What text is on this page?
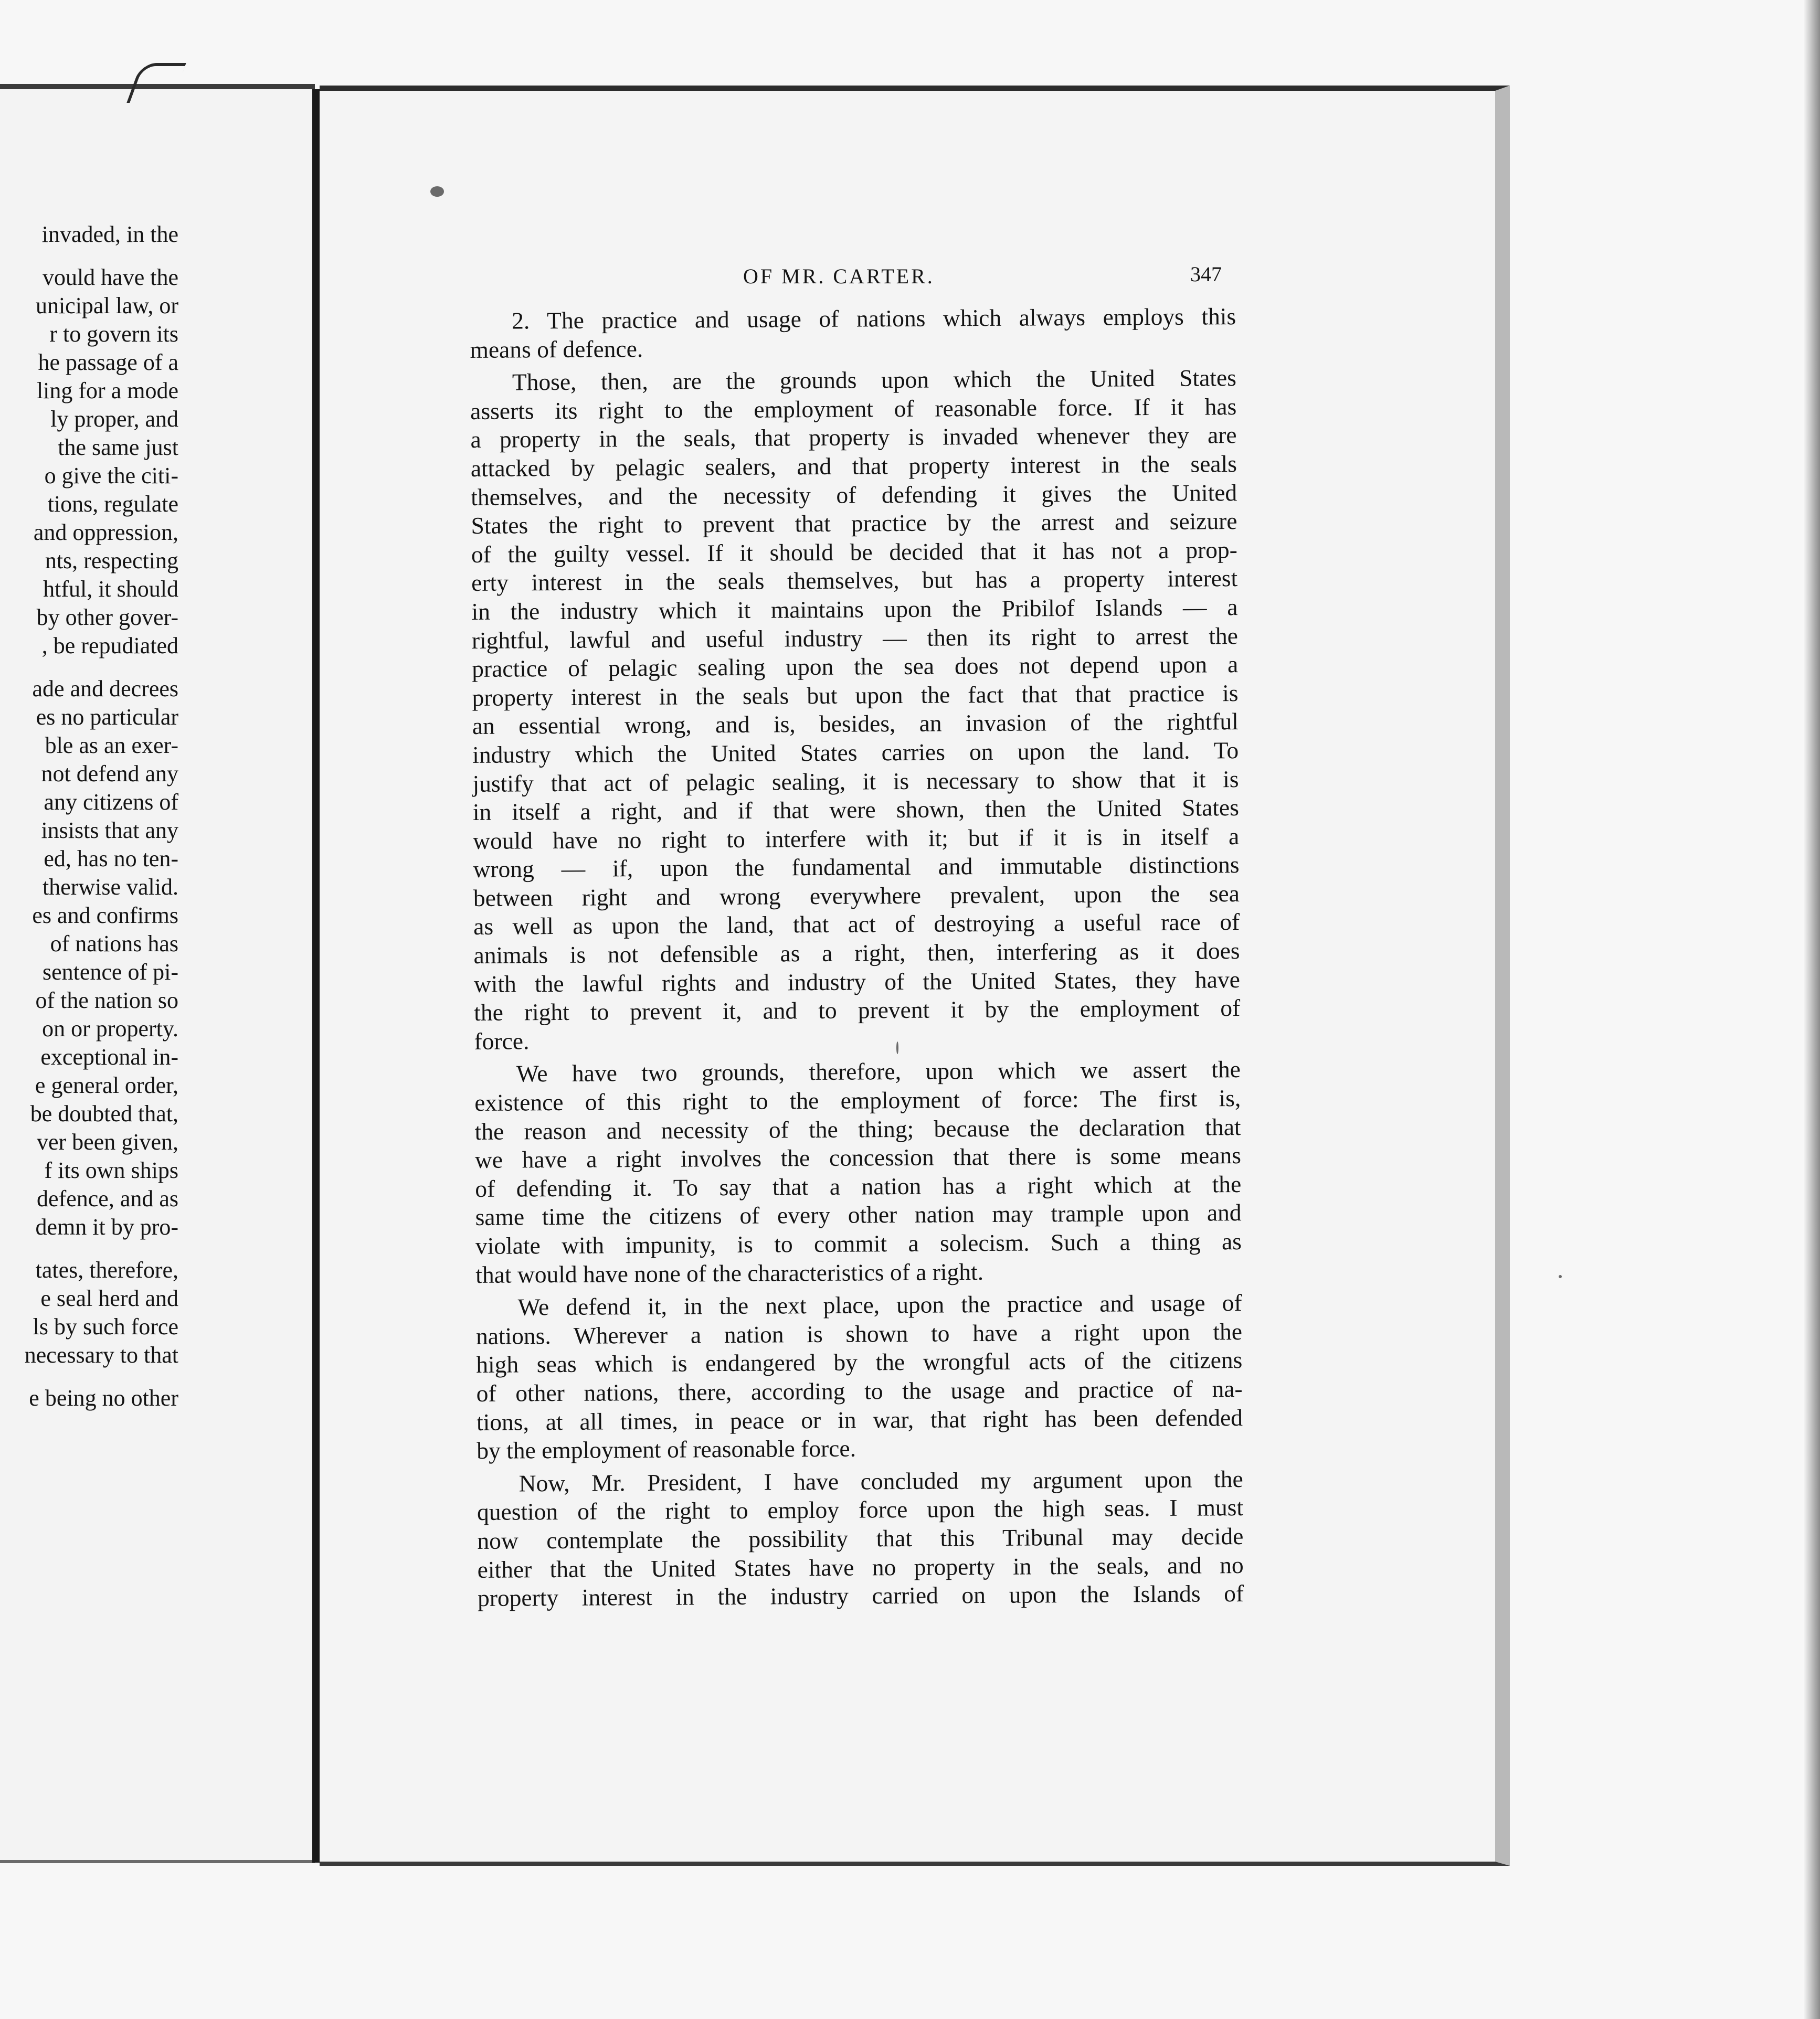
invaded, in the
vould have the
unicipal law, or
r to govern its
he passage of a
ling for a mode
ly proper, and
the same just
o give the citi-
tions, regulate
and oppression,
nts, respecting
htful, it should
by other gover-
, be repudiated
ade and decrees
es no particular
ble as an exer-
not defend any
any citizens of
insists that any
ed, has no ten-
therwise valid.
es and confirms
of nations has
sentence of pi-
of the nation so
on or property.
exceptional in-
e general order,
be doubted that,
ver been given,
f its own ships
defence, and as
demn it by pro-
tates, therefore,
e seal herd and
ls by such force
necessary to that
e being no other
OF MR. CARTER.	347
2. The practice and usage of nations which always employs this
means of defence.
Those, then, are the grounds upon which the United States
asserts its right to the employment of reasonable force. If it has
a property in the seals, that property is invaded whenever they are
attacked by pelagic sealers, and that property interest in the seals
themselves, and the necessity of defending it gives the United
States the right to prevent that practice by the arrest and seizure
of the guilty vessel. If it should be decided that it has not a prop-
erty interest in the seals themselves, but has a property interest
in the industry which it maintains upon the Pribilof Islands — a
rightful, lawful and useful industry — then its right to arrest the
practice of pelagic sealing upon the sea does not depend upon a
property interest in the seals but upon the fact that that practice is
an essential wrong, and is, besides, an invasion of the rightful
industry which the United States carries on upon the land. To
justify that act of pelagic sealing, it is necessary to show that it is
in itself a right, and if that were shown, then the United States
would have no right to interfere with it; but if it is in itself a
wrong — if, upon the fundamental and immutable distinctions
between right and wrong everywhere prevalent, upon the sea
as well as upon the land, that act of destroying a useful race of
animals is not defensible as a right, then, interfering as it does
with the lawful rights and industry of the United States, they have
the right to prevent it, and to prevent it by the employment of
force.
We have two grounds, therefore, upon which we assert the
existence of this right to the employment of force: The first is,
the reason and necessity of the thing; because the declaration that
we have a right involves the concession that there is some means
of defending it. To say that a nation has a right which at the
same time the citizens of every other nation may trample upon and
violate with impunity, is to commit a solecism. Such a thing as
that would have none of the characteristics of a right.
We defend it, in the next place, upon the practice and usage of
nations. Wherever a nation is shown to have a right upon the
high seas which is endangered by the wrongful acts of the citizens
of other nations, there, according to the usage and practice of na-
tions, at all times, in peace or in war, that right has been defended
by the employment of reasonable force.
Now, Mr. President, I have concluded my argument upon the
question of the right to employ force upon the high seas. I must
now contemplate the possibility that this Tribunal may decide
either that the United States have no property in the seals, and no
property interest in the industry carried on upon the Islands of
